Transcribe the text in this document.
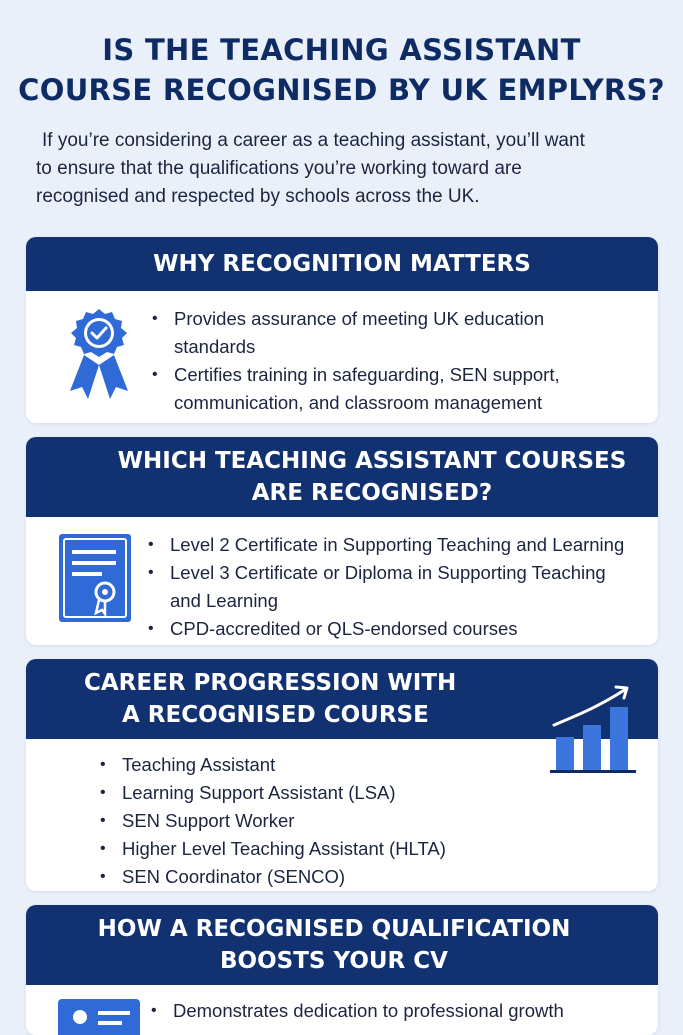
IS THE TEACHING ASSISTANT
COURSE RECOGNISED BY UK EMPLYRS?
If you’re considering a career as a teaching assistant, you’ll want
to ensure that the qualifications you’re working toward are
recognised and respected by schools across the UK.
WHY RECOGNITION MATTERS
• Provides assurance of meeting UK education
standards
• Certifies training in safeguarding, SEN support,
communication, and classroom management
WHICH TEACHING ASSISTANT COURSES
ARE RECOGNISED?
• Level 2 Certificate in Supporting Teaching and Learning
• Level 3 Certificate or Diploma in Supporting Teaching
and Learning
• CPD-accredited or QLS-endorsed courses
CAREER PROGRESSION WITH
A RECOGNISED COURSE
• Teaching Assistant
• Learning Support Assistant (LSA)
• SEN Support Worker
• Higher Level Teaching Assistant (HLTA)
• SEN Coordinator (SENCO)
HOW A RECOGNISED QUALIFICATION
BOOSTS YOUR CV
• Demonstrates dedication to professional growth
